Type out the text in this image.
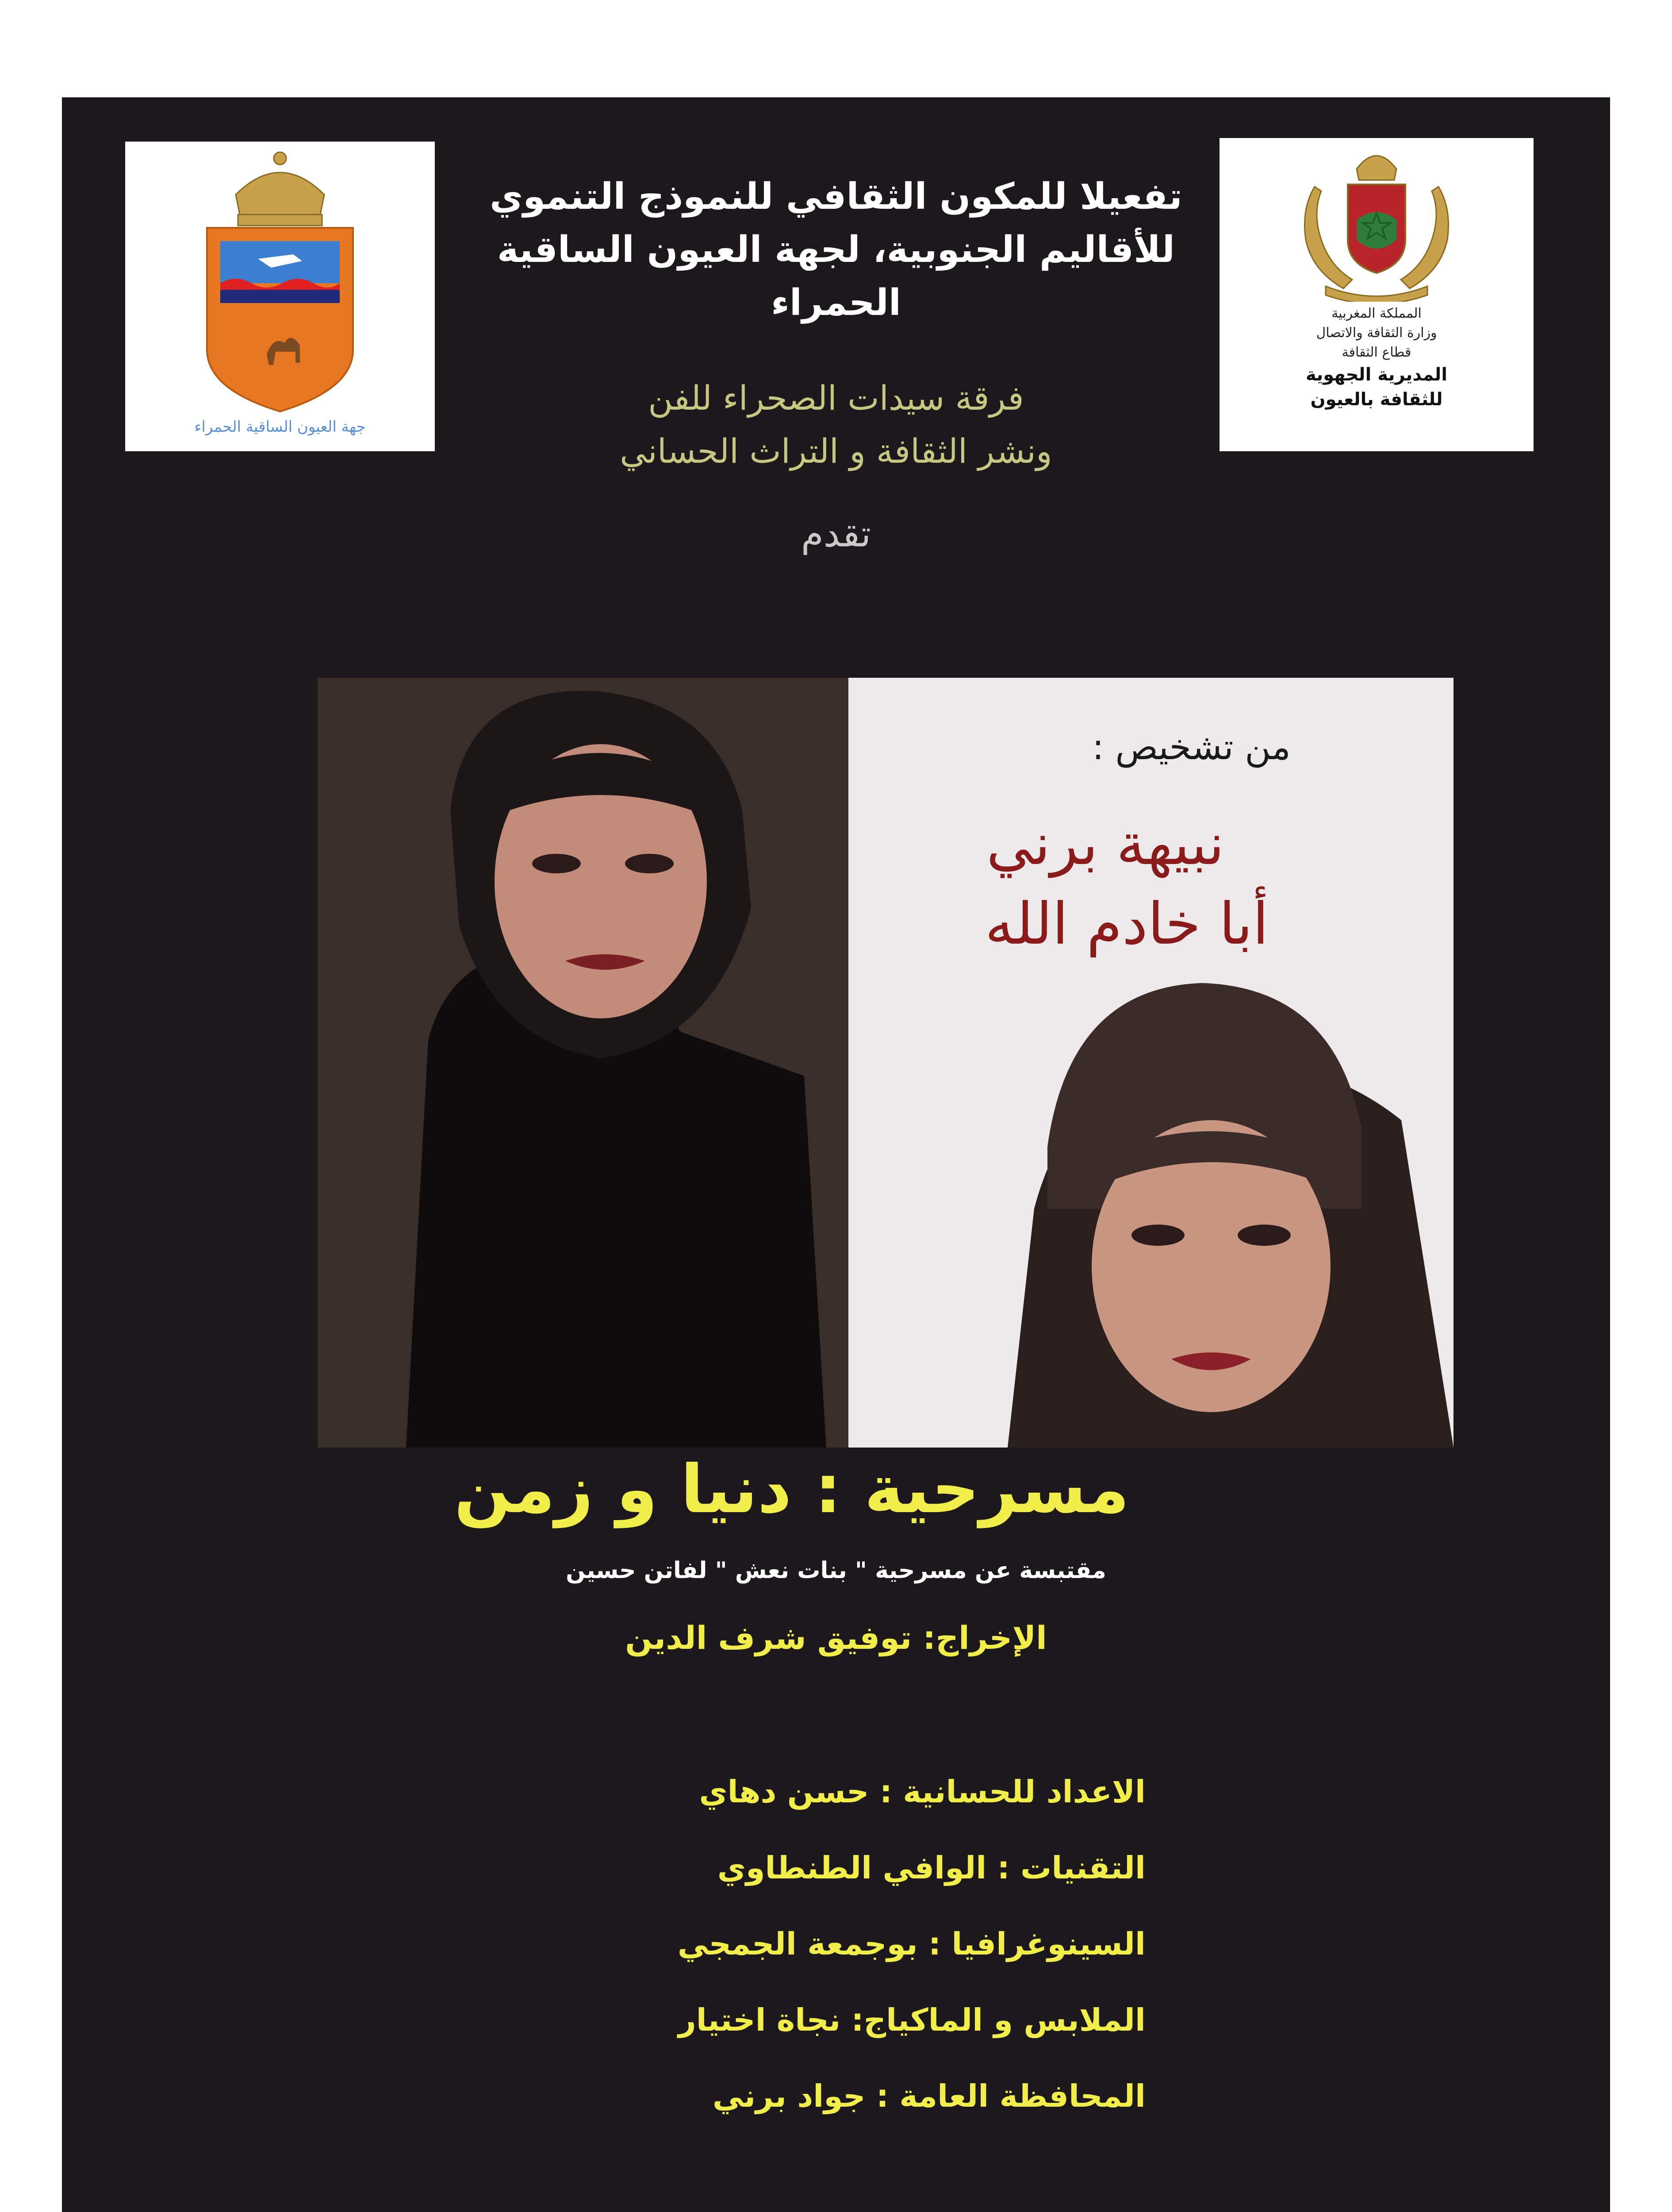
جهة العيون الساقية الحمراء
تفعيلا للمكون الثقافي للنموذج التنموي
للأقاليم الجنوبية، لجهة العيون الساقية الحمراء	المملكة المغربية
وزارة الثقافة والاتصال
قطاع الثقافة
المديرية الجهوية
للثقافة بالعيون
فرقة سيدات الصحراء للفن
ونشر الثقافة و التراث الحساني
تقدم
من تشخيص :
نبيهة برني
أبا خادم الله
مسرحية : دنيا و زمن
مقتبسة عن مسرحية " بنات نعش " لفاتن حسين
الإخراج: توفيق شرف الدين
الاعداد للحسانية : حسن دهاي
التقنيات : الوافي الطنطاوي
السينوغرافيا : بوجمعة الجمجي
الملابس و الماكياج: نجاة اختيار
المحافظة العامة : جواد برني
